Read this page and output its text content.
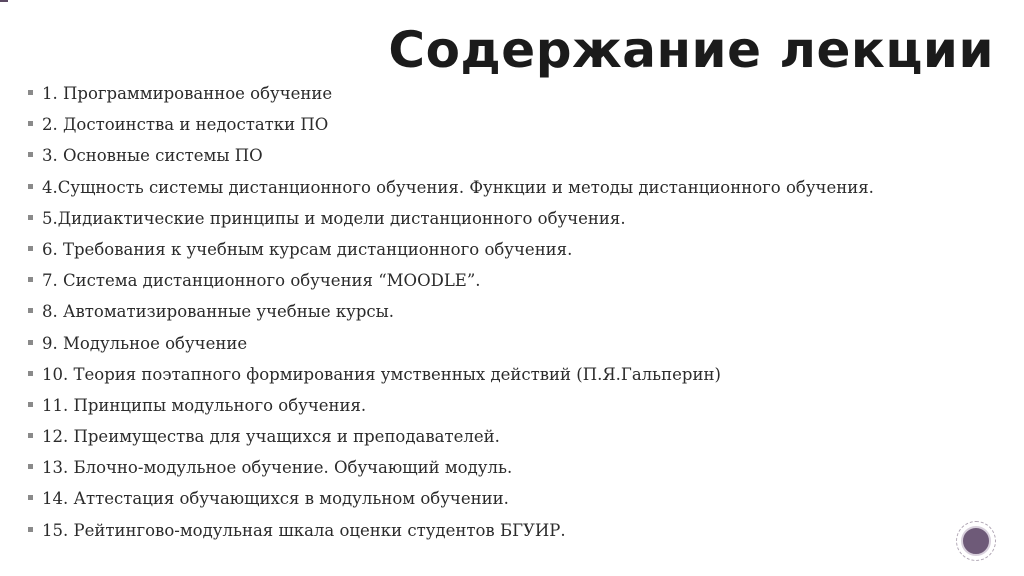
Содержание лекции
1. Программированное обучение
2. Достоинства и недостатки ПО
3. Основные системы ПО
4.Сущность системы дистанционного обучения. Функции и методы дистанционного обучения.
5.Дидиактические принципы и модели дистанционного обучения.
6. Требования к учебным курсам дистанционного обучения.
7. Система дистанционного обучения “MOODLE”.
8. Автоматизированные учебные курсы.
9. Модульное обучение
10. Теория поэтапного формирования умственных действий (П.Я.Гальперин)
11. Принципы модульного обучения.
12. Преимущества для учащихся и преподавателей.
13. Блочно-модульное обучение. Обучающий модуль.
14. Аттестация обучающихся в модульном обучении.
15. Рейтингово-модульная шкала оценки студентов БГУИР.
